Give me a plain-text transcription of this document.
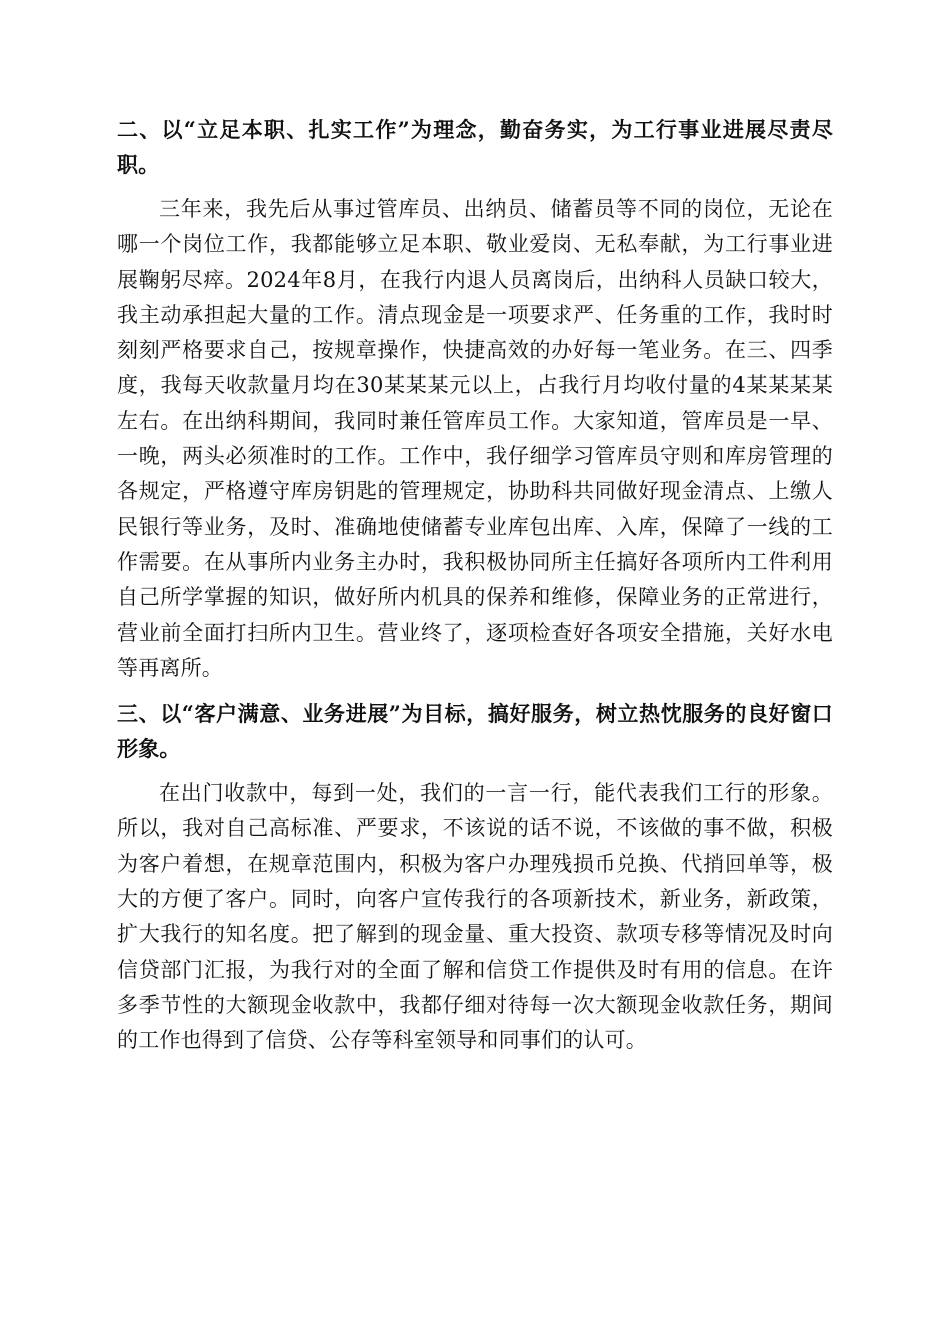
二、以“立足本职、扎实工作”为理念，勤奋务实，为工行事业进展尽责尽职。

三年来，我先后从事过管库员、出纳员、储蓄员等不同的岗位，无论在哪一个岗位工作，我都能够立足本职、敬业爱岗、无私奉献，为工行事业进展鞠躬尽瘁。2024年8月，在我行内退人员离岗后，出纳科人员缺口较大，我主动承担起大量的工作。清点现金是一项要求严、任务重的工作，我时时刻刻严格要求自己，按规章操作，快捷高效的办好每一笔业务。在三、四季度，我每天收款量月均在30某某某元以上，占我行月均收付量的4某某某某左右。在出纳科期间，我同时兼任管库员工作。大家知道，管库员是一早、一晚，两头必须准时的工作。工作中，我仔细学习管库员守则和库房管理的各规定，严格遵守库房钥匙的管理规定，协助科共同做好现金清点、上缴人民银行等业务，及时、准确地使储蓄专业库包出库、入库，保障了一线的工作需要。在从事所内业务主办时，我积极协同所主任搞好各项所内工件利用自己所学掌握的知识，做好所内机具的保养和维修，保障业务的正常进行，营业前全面打扫所内卫生。营业终了，逐项检查好各项安全措施，关好水电等再离所。

三、以“客户满意、业务进展”为目标，搞好服务，树立热忱服务的良好窗口形象。

在出门收款中，每到一处，我们的一言一行，能代表我们工行的形象。所以，我对自己高标准、严要求，不该说的话不说，不该做的事不做，积极为客户着想，在规章范围内，积极为客户办理残损币兑换、代捎回单等，极大的方便了客户。同时，向客户宣传我行的各项新技术，新业务，新政策，扩大我行的知名度。把了解到的现金量、重大投资、款项专移等情况及时向信贷部门汇报，为我行对的全面了解和信贷工作提供及时有用的信息。在许多季节性的大额现金收款中，我都仔细对待每一次大额现金收款任务，期间的工作也得到了信贷、公存等科室领导和同事们的认可。
